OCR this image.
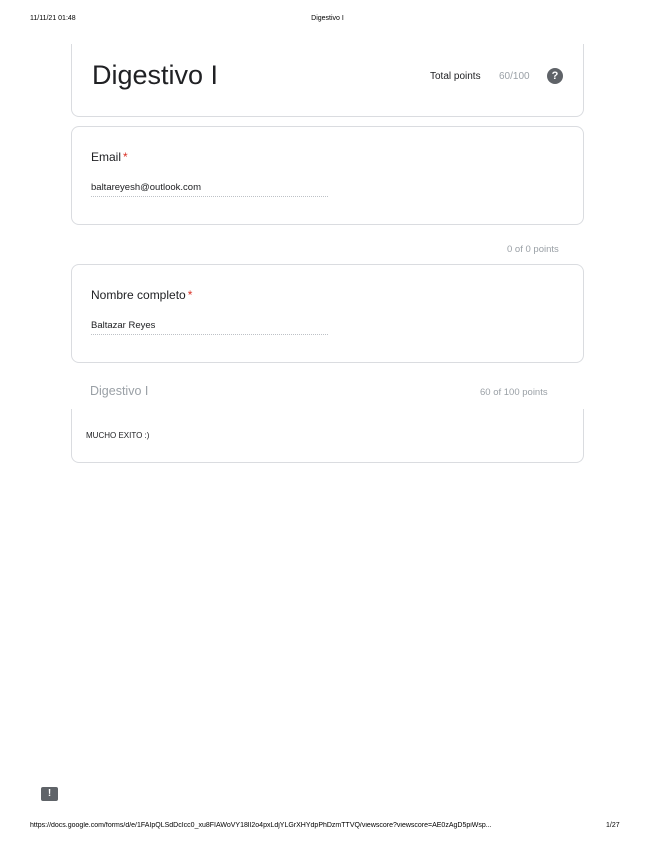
11/11/21 01:48	Digestivo I
Digestivo I	Total points 60/100	?
Email *
baltareyesh@outlook.com
0 of 0 points
Nombre completo *
Baltazar Reyes
Digestivo I	60 of 100 points
MUCHO EXITO :)
!
https://docs.google.com/forms/d/e/1FAIpQLSdDcIcc0_xu8FIAWoVY18lI2o4pxLdjYLGrXHYdpPhDzmTTVQ/viewscore?viewscore=AE0zAgD5piWsp...	1/27
